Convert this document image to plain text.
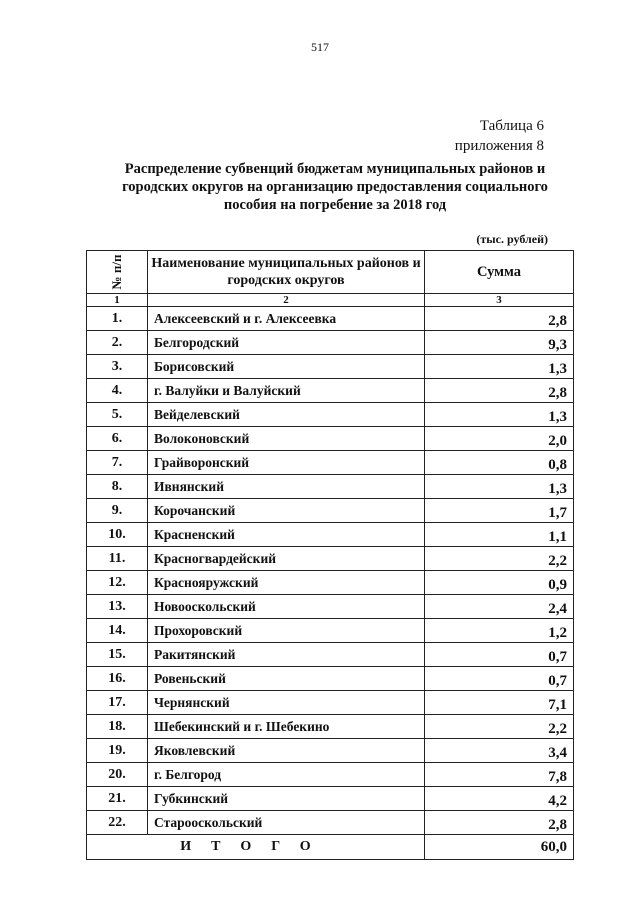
517
Таблица 6
приложения 8
Распределение субвенций бюджетам муниципальных районов и городских округов на организацию предоставления социального пособия на погребение за 2018 год
(тыс. рублей)
№ п/п	Наименование муниципальных районов и городских округов	Сумма
1	2	3
1.	Алексеевский и г. Алексеевка	2,8
2.	Белгородский	9,3
3.	Борисовский	1,3
4.	г. Валуйки и Валуйский	2,8
5.	Вейделевский	1,3
6.	Волоконовский	2,0
7.	Грайворонский	0,8
8.	Ивнянский	1,3
9.	Корочанский	1,7
10.	Красненский	1,1
11.	Красногвардейский	2,2
12.	Краснояружский	0,9
13.	Новооскольский	2,4
14.	Прохоровский	1,2
15.	Ракитянский	0,7
16.	Ровеньский	0,7
17.	Чернянский	7,1
18.	Шебекинский и г. Шебекино	2,2
19.	Яковлевский	3,4
20.	г. Белгород	7,8
21.	Губкинский	4,2
22.	Старооскольский	2,8
ИТОГО		60,0
